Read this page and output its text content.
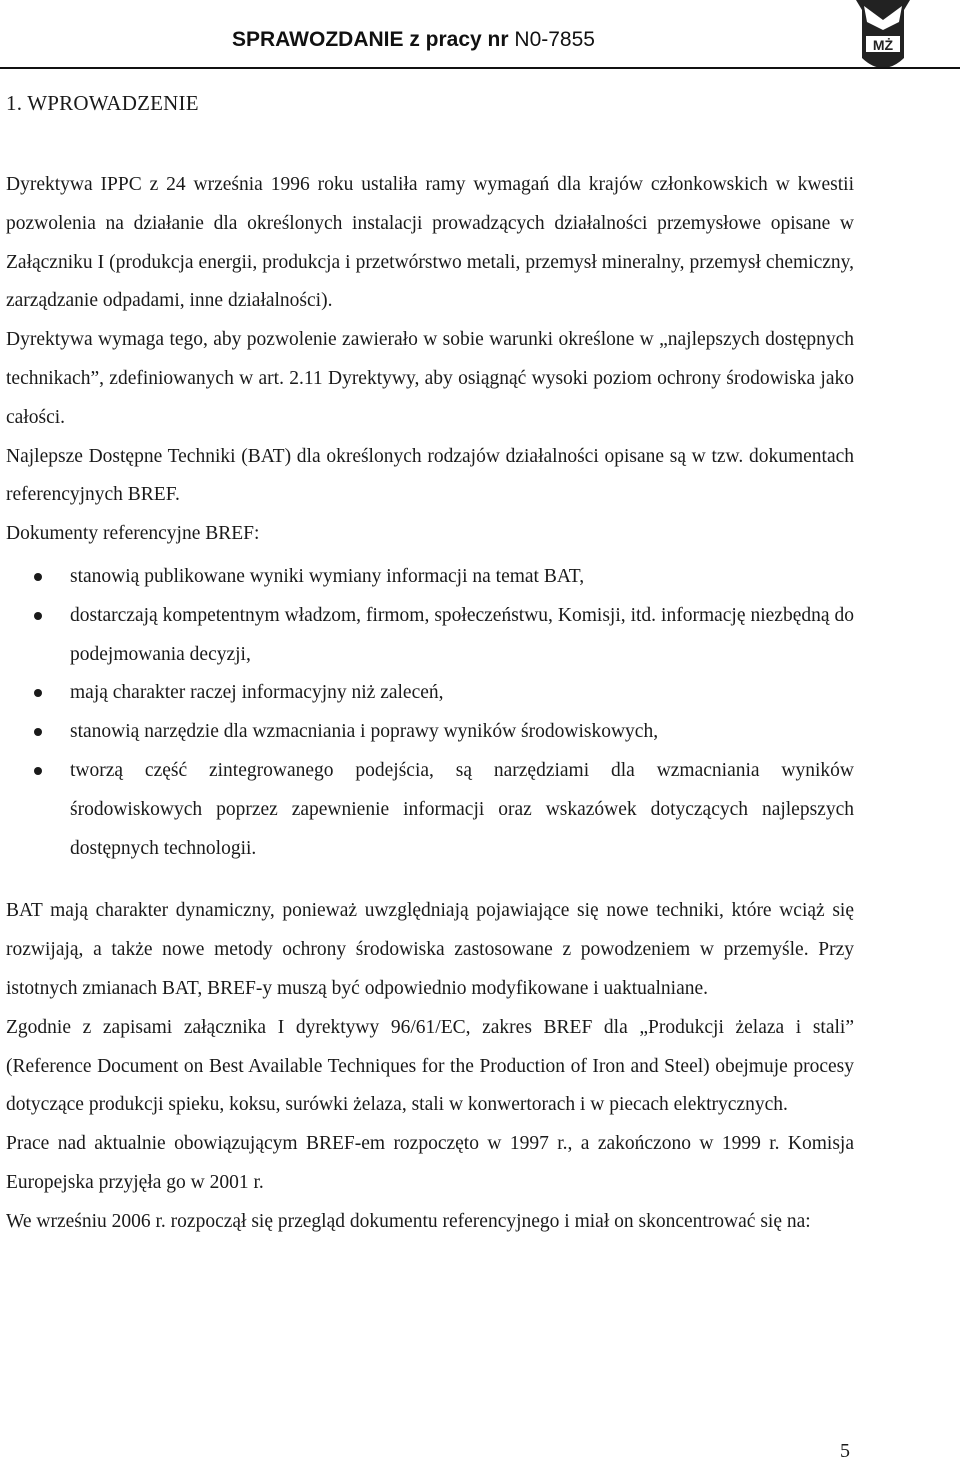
SPRAWOZDANIE z pracy nr N0-7855	MŻ
1. WPROWADZENIE

Dyrektywa IPPC z 24 września 1996 roku ustaliła ramy wymagań dla krajów członkowskich w kwestii pozwolenia na działanie dla określonych instalacji prowadzących działalności przemysłowe opisane w Załączniku I (produkcja energii, produkcja i przetwórstwo metali, przemysł mineralny, przemysł chemiczny, zarządzanie odpadami, inne działalności).

Dyrektywa wymaga tego, aby pozwolenie zawierało w sobie warunki określone w „najlepszych dostępnych technikach”, zdefiniowanych w art. 2.11 Dyrektywy, aby osiągnąć wysoki poziom ochrony środowiska jako całości.

Najlepsze Dostępne Techniki (BAT) dla określonych rodzajów działalności opisane są w tzw. dokumentach referencyjnych BREF.

Dokumenty referencyjne BREF:

stanowią publikowane wyniki wymiany informacji na temat BAT,
dostarczają kompetentnym władzom, firmom, społeczeństwu, Komisji, itd. informację niezbędną do podejmowania decyzji,
mają charakter raczej informacyjny niż zaleceń,
stanowią narzędzie dla wzmacniania i poprawy wyników środowiskowych,
tworzą część zintegrowanego podejścia, są narzędziami dla wzmacniania wyników środowiskowych poprzez zapewnienie informacji oraz wskazówek dotyczących najlepszych dostępnych technologii.

BAT mają charakter dynamiczny, ponieważ uwzględniają pojawiające się nowe techniki, które wciąż się rozwijają, a także nowe metody ochrony środowiska zastosowane z powodzeniem w przemyśle. Przy istotnych zmianach BAT, BREF-y muszą być odpowiednio modyfikowane i uaktualniane.

Zgodnie z zapisami załącznika I dyrektywy 96/61/EC, zakres BREF dla „Produkcji żelaza i stali” (Reference Document on Best Available Techniques for the Production of Iron and Steel) obejmuje procesy dotyczące produkcji spieku, koksu, surówki żelaza, stali w konwertorach i w piecach elektrycznych.

Prace nad aktualnie obowiązującym BREF-em rozpoczęto w 1997 r., a zakończono w 1999 r. Komisja Europejska przyjęła go w 2001 r.

We wrześniu 2006 r. rozpoczął się przegląd dokumentu referencyjnego i miał on skoncentrować się na:

5
